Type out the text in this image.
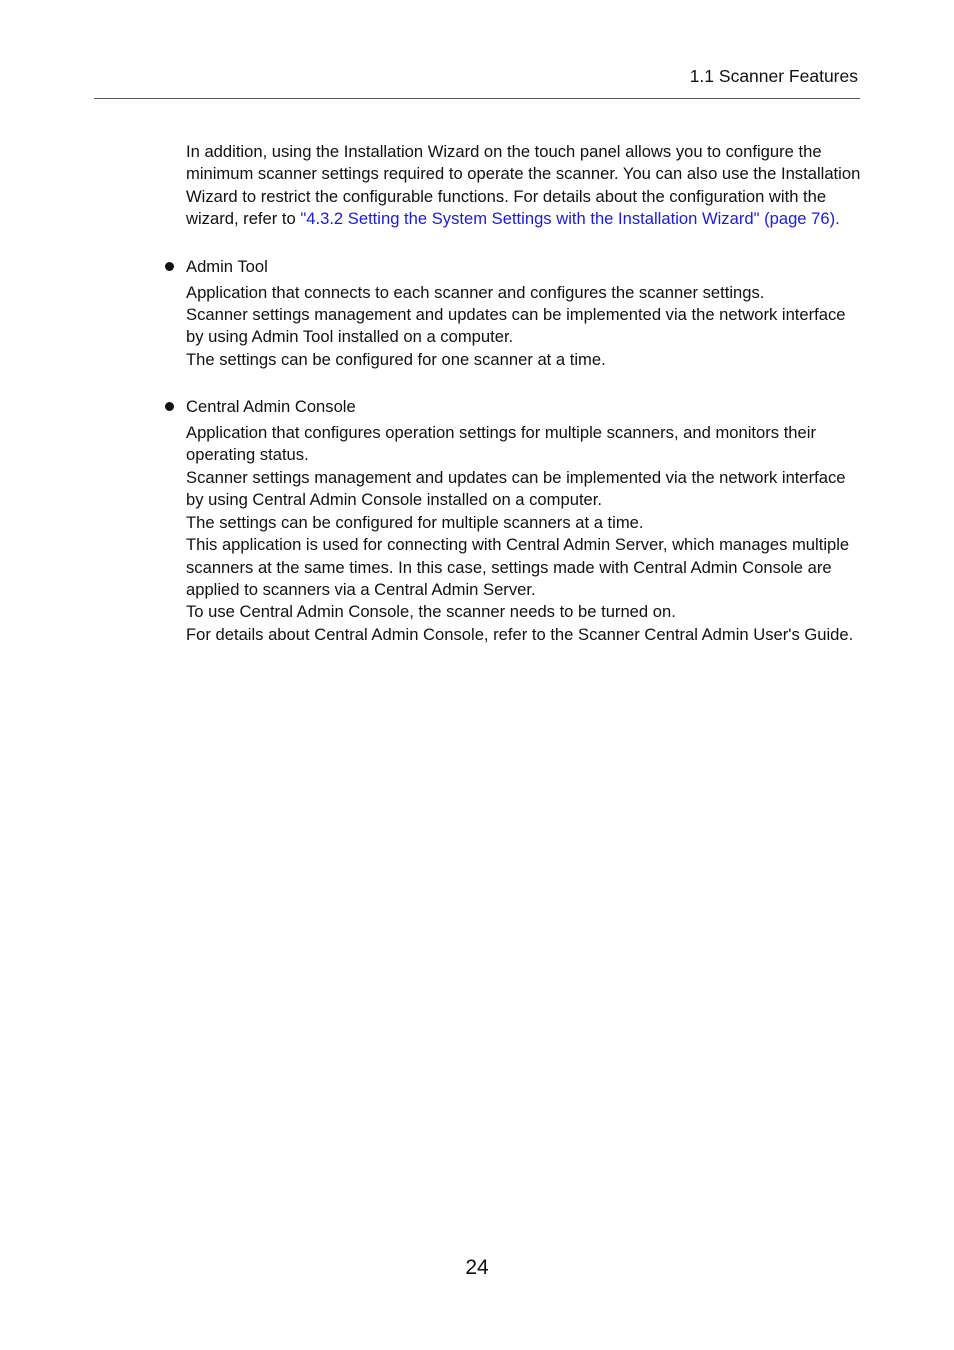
1.1 Scanner Features

In addition, using the Installation Wizard on the touch panel allows you to configure the minimum scanner settings required to operate the scanner. You can also use the Installation Wizard to restrict the configurable functions. For details about the configuration with the wizard, refer to "4.3.2 Setting the System Settings with the Installation Wizard" (page 76).

Admin Tool

Application that connects to each scanner and configures the scanner settings.
Scanner settings management and updates can be implemented via the network interface by using Admin Tool installed on a computer.
The settings can be configured for one scanner at a time.

Central Admin Console

Application that configures operation settings for multiple scanners, and monitors their operating status.
Scanner settings management and updates can be implemented via the network interface by using Central Admin Console installed on a computer.
The settings can be configured for multiple scanners at a time.
This application is used for connecting with Central Admin Server, which manages multiple scanners at the same times. In this case, settings made with Central Admin Console are applied to scanners via a Central Admin Server.
To use Central Admin Console, the scanner needs to be turned on.
For details about Central Admin Console, refer to the Scanner Central Admin User's Guide.
24
